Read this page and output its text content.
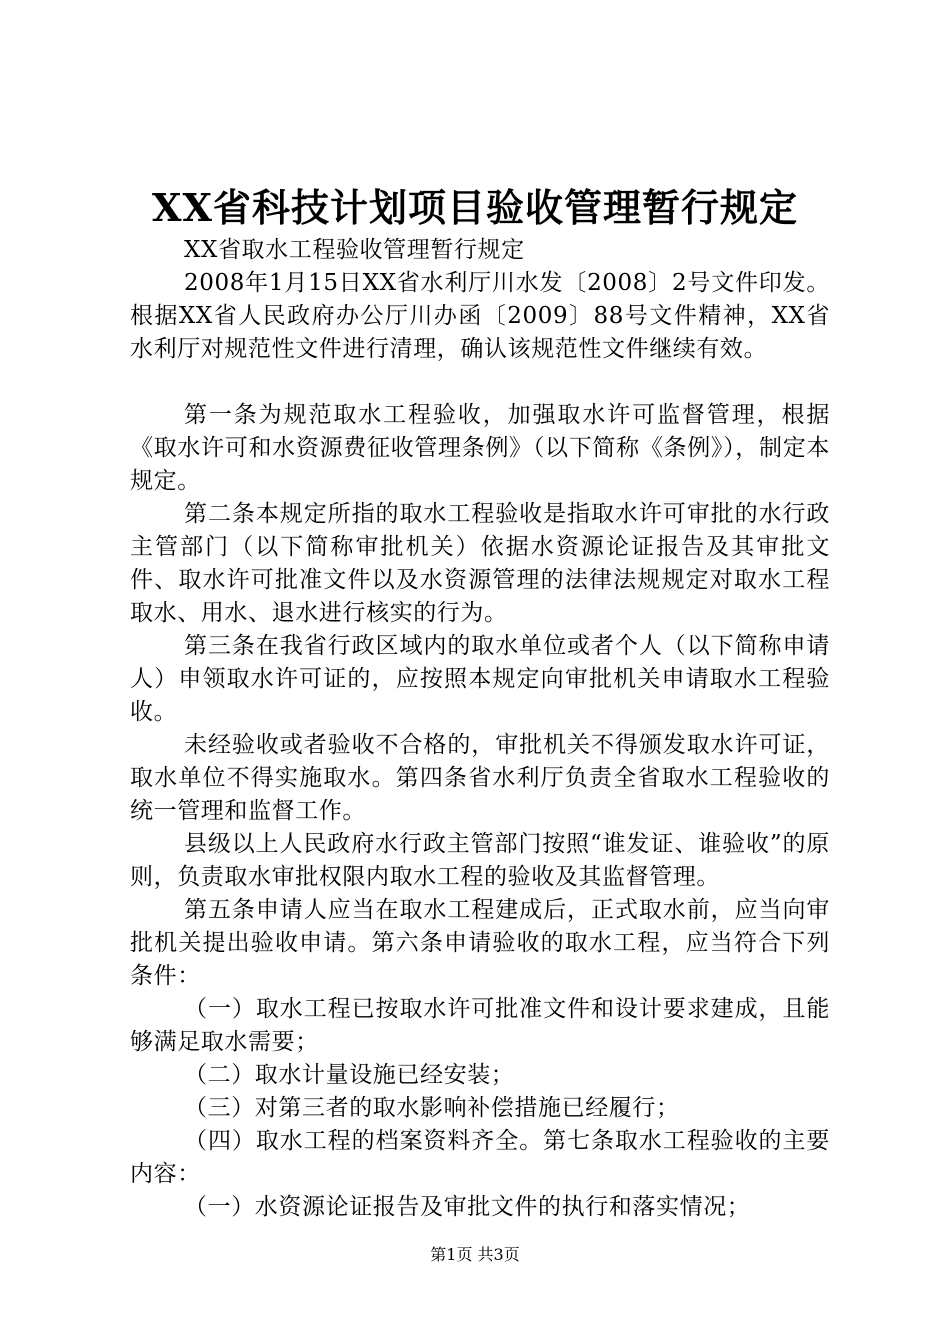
XX省科技计划项目验收管理暂行规定

XX省取水工程验收管理暂行规定

2008年1月15日XX省水利厅川水发〔2008〕2号文件印发。根据XX省人民政府办公厅川办函〔2009〕88号文件精神，XX省水利厅对规范性文件进行清理，确认该规范性文件继续有效。

第一条为规范取水工程验收，加强取水许可监督管理，根据《取水许可和水资源费征收管理条例》（以下简称《条例》），制定本规定。

第二条本规定所指的取水工程验收是指取水许可审批的水行政主管部门（以下简称审批机关）依据水资源论证报告及其审批文件、取水许可批准文件以及水资源管理的法律法规规定对取水工程取水、用水、退水进行核实的行为。

第三条在我省行政区域内的取水单位或者个人（以下简称申请人）申领取水许可证的，应按照本规定向审批机关申请取水工程验收。

未经验收或者验收不合格的，审批机关不得颁发取水许可证，取水单位不得实施取水。第四条省水利厅负责全省取水工程验收的统一管理和监督工作。

县级以上人民政府水行政主管部门按照“谁发证、谁验收”的原则，负责取水审批权限内取水工程的验收及其监督管理。

第五条申请人应当在取水工程建成后，正式取水前，应当向审批机关提出验收申请。第六条申请验收的取水工程，应当符合下列条件：

（一）取水工程已按取水许可批准文件和设计要求建成，且能够满足取水需要；

（二）取水计量设施已经安装；

（三）对第三者的取水影响补偿措施已经履行；

（四）取水工程的档案资料齐全。第七条取水工程验收的主要内容：

（一）水资源论证报告及审批文件的执行和落实情况；

第1页 共3页
